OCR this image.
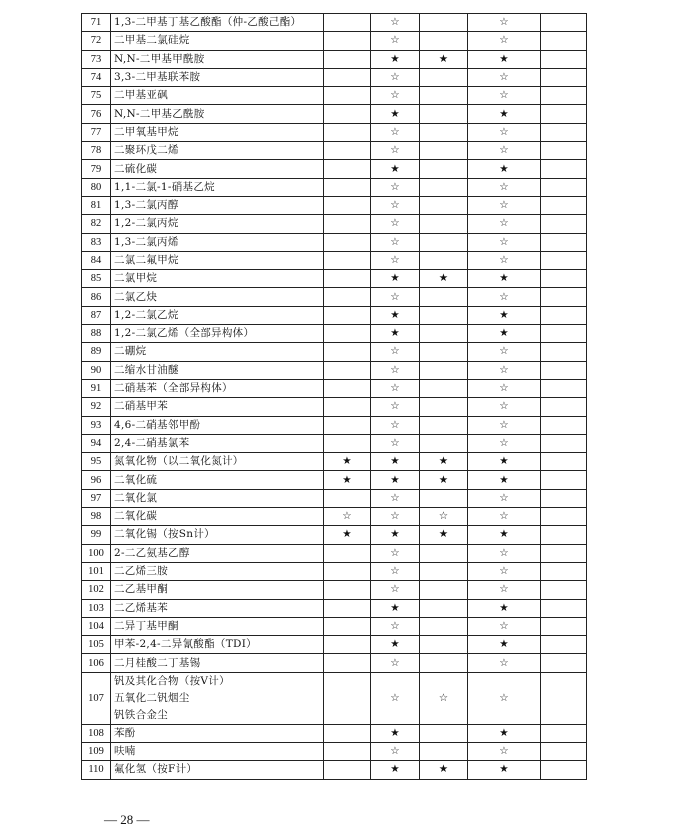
71	1,3-二甲基丁基乙酸酯（仲-乙酸己酯）		☆		☆	
72	二甲基二氯硅烷		☆		☆	
73	N,N-二甲基甲酰胺		★	★	★	
74	3,3-二甲基联苯胺		☆		☆	
75	二甲基亚砜		☆		☆	
76	N,N-二甲基乙酰胺		★		★	
77	二甲氧基甲烷		☆		☆	
78	二聚环戊二烯		☆		☆	
79	二硫化碳		★		★	
80	1,1-二氯-1-硝基乙烷		☆		☆	
81	1,3-二氯丙醇		☆		☆	
82	1,2-二氯丙烷		☆		☆	
83	1,3-二氯丙烯		☆		☆	
84	二氯二氟甲烷		☆		☆	
85	二氯甲烷		★	★	★	
86	二氯乙炔		☆		☆	
87	1,2-二氯乙烷		★		★	
88	1,2-二氯乙烯（全部异构体）		★		★	
89	二硼烷		☆		☆	
90	二缩水甘油醚		☆		☆	
91	二硝基苯（全部异构体）		☆		☆	
92	二硝基甲苯		☆		☆	
93	4,6-二硝基邻甲酚		☆		☆	
94	2,4-二硝基氯苯		☆		☆	
95	氮氧化物（以二氧化氮计）	★	★	★	★	
96	二氧化硫	★	★	★	★	
97	二氧化氯		☆		☆	
98	二氧化碳	☆	☆	☆	☆	
99	二氧化锡（按Sn计）	★	★	★	★	
100	2-二乙氨基乙醇		☆		☆	
101	二乙烯三胺		☆		☆	
102	二乙基甲酮		☆		☆	
103	二乙烯基苯		★		★	
104	二异丁基甲酮		☆		☆	
105	甲苯-2,4-二异氰酸酯（TDI）		★		★	
106	二月桂酸二丁基锡		☆		☆	
107	钒及其化合物（按V计）
五氧化二钒烟尘
钒铁合金尘		☆	☆	☆	
108	苯酚		★		★	
109	呋喃		☆		☆	
110	氟化氢（按F计）		★	★	★	
— 28 —
